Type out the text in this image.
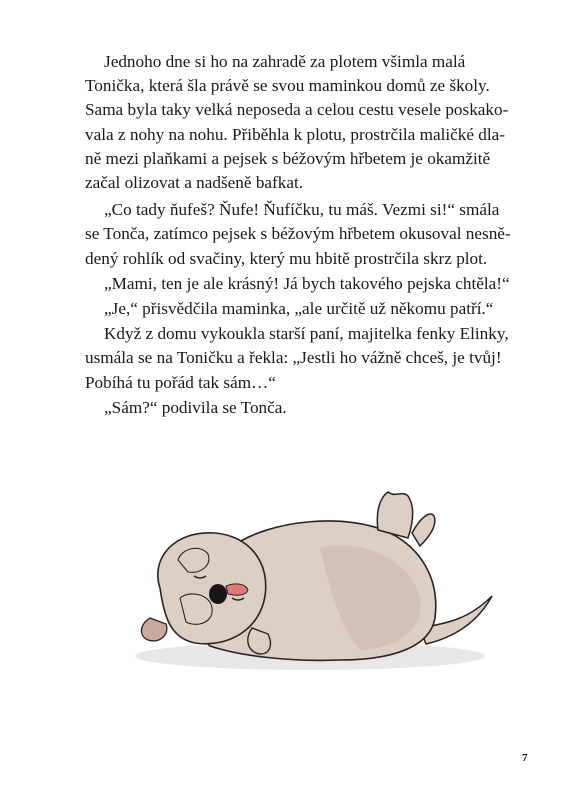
Jednoho dne si ho na zahradě za plotem všimla malá
Tonička, která šla právě se svou maminkou domů ze školy.
Sama byla taky velká neposeda a celou cestu vesele poskako-
vala z nohy na nohu. Přiběhla k plotu, prostrčila maličké dla-
ně mezi plaňkami a pejsek s béžovým hřbetem je okamžitě
začal olizovat a nadšeně bafkat.

„Co tady ňufeš? Ňufe! Ňufíčku, tu máš. Vezmi si!“ smála
se Tonča, zatímco pejsek s béžovým hřbetem okusoval nesně-
dený rohlík od svačiny, který mu hbitě prostrčila skrz plot.

„Mami, ten je ale krásný! Já bych takového pejska chtěla!“

„Je,“ přisvědčila maminka, „ale určitě už někomu patří.“

Když z domu vykoukla starší paní, majitelka fenky Elinky,
usmála se na Toničku a řekla: „Jestli ho vážně chceš, je tvůj!
Pobíhá tu pořád tak sám…“

„Sám?“ podivila se Tonča.

7
